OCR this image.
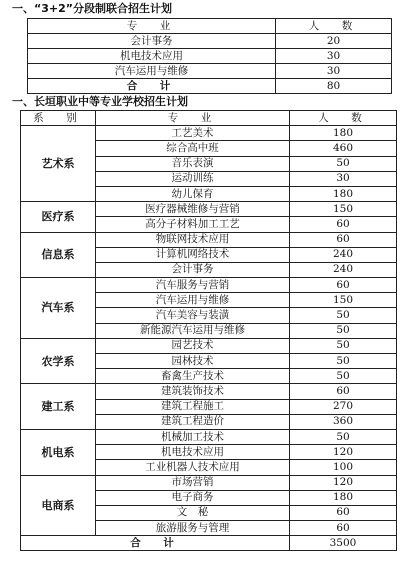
一、“3+2”分段制联合招生计划
专　业	人　数
会计事务	20
机电技术应用	30
汽车运用与维修	30
合　计	80
一、长垣职业中等专业学校招生计划
系　别	专　业	人　数
艺术系	工艺美术	180
	综合高中班	460
	音乐表演	50
	运动训练	30
	幼儿保育	180
医疗系	医疗器械维修与营销	150
	高分子材料加工工艺	60
信息系	物联网技术应用	60
	计算机网络技术	240
	会计事务	240
汽车系	汽车服务与营销	60
	汽车运用与维修	150
	汽车美容与装潢	50
	新能源汽车运用与维修	50
农学系	园艺技术	50
	园林技术	50
	畜禽生产技术	50
建工系	建筑装饰技术	60
	建筑工程施工	270
	建筑工程造价	360
机电系	机械加工技术	50
	机电技术应用	120
	工业机器人技术应用	100
电商系	市场营销	120
	电子商务	180
	文　秘	60
	旅游服务与管理	60
合　计		3500
